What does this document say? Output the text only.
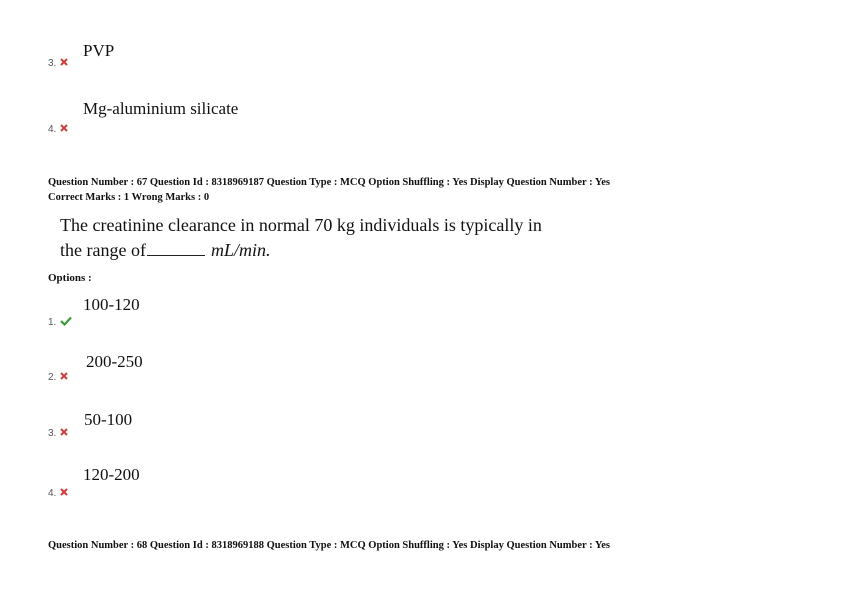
PVP
3.
Mg-aluminium silicate
4.
Question Number : 67 Question Id : 8318969187 Question Type : MCQ Option Shuffling : Yes Display Question Number : Yes
Correct Marks : 1 Wrong Marks : 0
The creatinine clearance in normal 70 kg individuals is typically in
the range of	mL/min.
Options :
100-120
1.
200-250
2.
50-100
3.
120-200
4.
Question Number : 68 Question Id : 8318969188 Question Type : MCQ Option Shuffling : Yes Display Question Number : Yes
